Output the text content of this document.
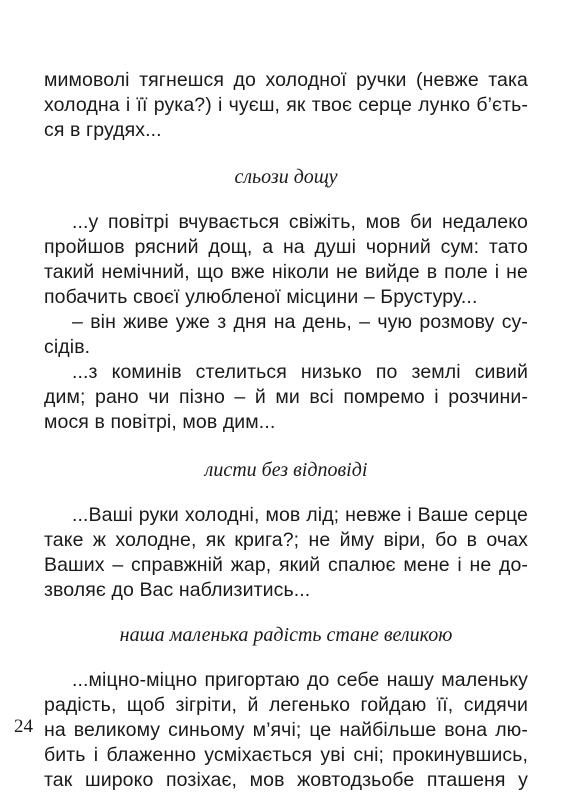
мимоволі тягнешся до холодної ручки (невже така
холодна і її рука?) і чуєш, як твоє серце лунко б’єть-
ся в грудях...
сльози дощу
...у повітрі вчувається свіжіть, мов би недалеко
пройшов рясний дощ, а на душі чорний сум: тато
такий немічний, що вже ніколи не вийде в поле і не
побачить своєї улюбленої місцини – Брустуру...
– він живе уже з дня на день, – чую розмову су-
сідів.
...з коминів стелиться низько по землі сивий
дим; рано чи пізно – й ми всі помремо і розчини-
мося в повітрі, мов дим...
листи без відповіді
...Ваші руки холодні, мов лід; невже і Ваше серце
таке ж холодне, як крига?; не йму віри, бо в очах
Ваших – справжній жар, який спалює мене і не до-
зволяє до Вас наблизитись...
наша маленька радість стане великою
...міцно-міцно пригортаю до себе нашу маленьку
радість, щоб зігріти, й легенько гойдаю її, сидячи
на великому синьому м’ячі; це найбільше вона лю-
бить і блаженно усміхається уві сні; прокинувшись,
так широко позіхає, мов жовтодзьобе пташеня у
24
